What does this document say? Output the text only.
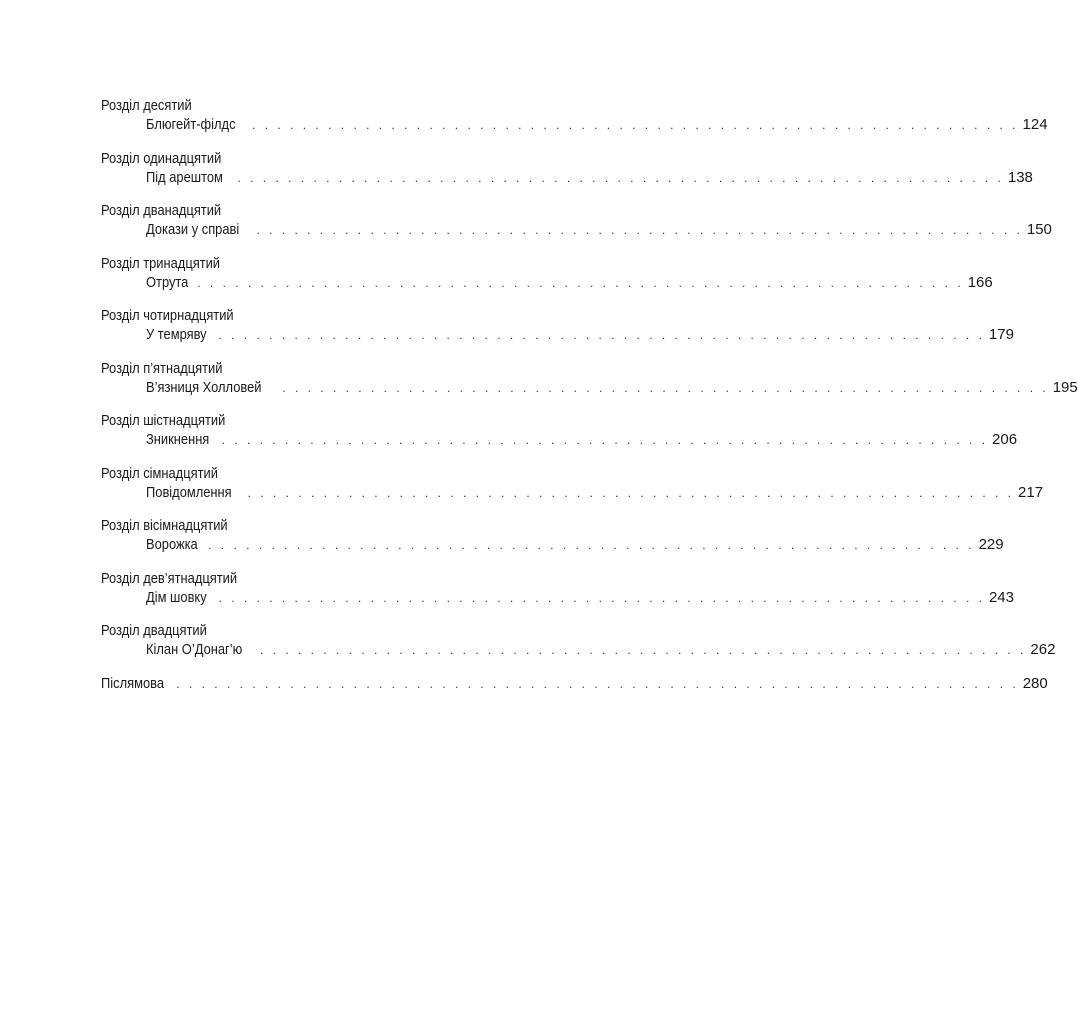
Розділ десятий
Блюгейт-філдс . . . . . . . . . . . . . . . . . . . . . . . . . . . . . . . . . . . . . . . . . . . . . . . . . . . . . . . . . . . . . 124
Розділ одинадцятий
Під арештом . . . . . . . . . . . . . . . . . . . . . . . . . . . . . . . . . . . . . . . . . . . . . . . . . . . . . . . . . . . . . 138
Розділ дванадцятий
Докази у справі . . . . . . . . . . . . . . . . . . . . . . . . . . . . . . . . . . . . . . . . . . . . . . . . . . . . . . . . . . . . . 150
Розділ тринадцятий
Отрута . . . . . . . . . . . . . . . . . . . . . . . . . . . . . . . . . . . . . . . . . . . . . . . . . . . . . . . . . . . . . 166
Розділ чотирнадцятий
У темряву . . . . . . . . . . . . . . . . . . . . . . . . . . . . . . . . . . . . . . . . . . . . . . . . . . . . . . . . . . . . . 179
Розділ п’ятнадцятий
В’язниця Холловей . . . . . . . . . . . . . . . . . . . . . . . . . . . . . . . . . . . . . . . . . . . . . . . . . . . . . . . . . . . . . 195
Розділ шістнадцятий
Зникнення . . . . . . . . . . . . . . . . . . . . . . . . . . . . . . . . . . . . . . . . . . . . . . . . . . . . . . . . . . . . . 206
Розділ сімнадцятий
Повідомлення . . . . . . . . . . . . . . . . . . . . . . . . . . . . . . . . . . . . . . . . . . . . . . . . . . . . . . . . . . . . . 217
Розділ вісімнадцятий
Ворожка . . . . . . . . . . . . . . . . . . . . . . . . . . . . . . . . . . . . . . . . . . . . . . . . . . . . . . . . . . . . . 229
Розділ дев’ятнадцятий
Дім шовку . . . . . . . . . . . . . . . . . . . . . . . . . . . . . . . . . . . . . . . . . . . . . . . . . . . . . . . . . . . . . 243
Розділ двадцятий
Кілан О’Донаг’ю . . . . . . . . . . . . . . . . . . . . . . . . . . . . . . . . . . . . . . . . . . . . . . . . . . . . . . . . . . . . . 262
Післямова . . . . . . . . . . . . . . . . . . . . . . . . . . . . . . . . . . . . . . . . . . . . . . . . . . . . . . . . . . . . . . . . . . . 280
